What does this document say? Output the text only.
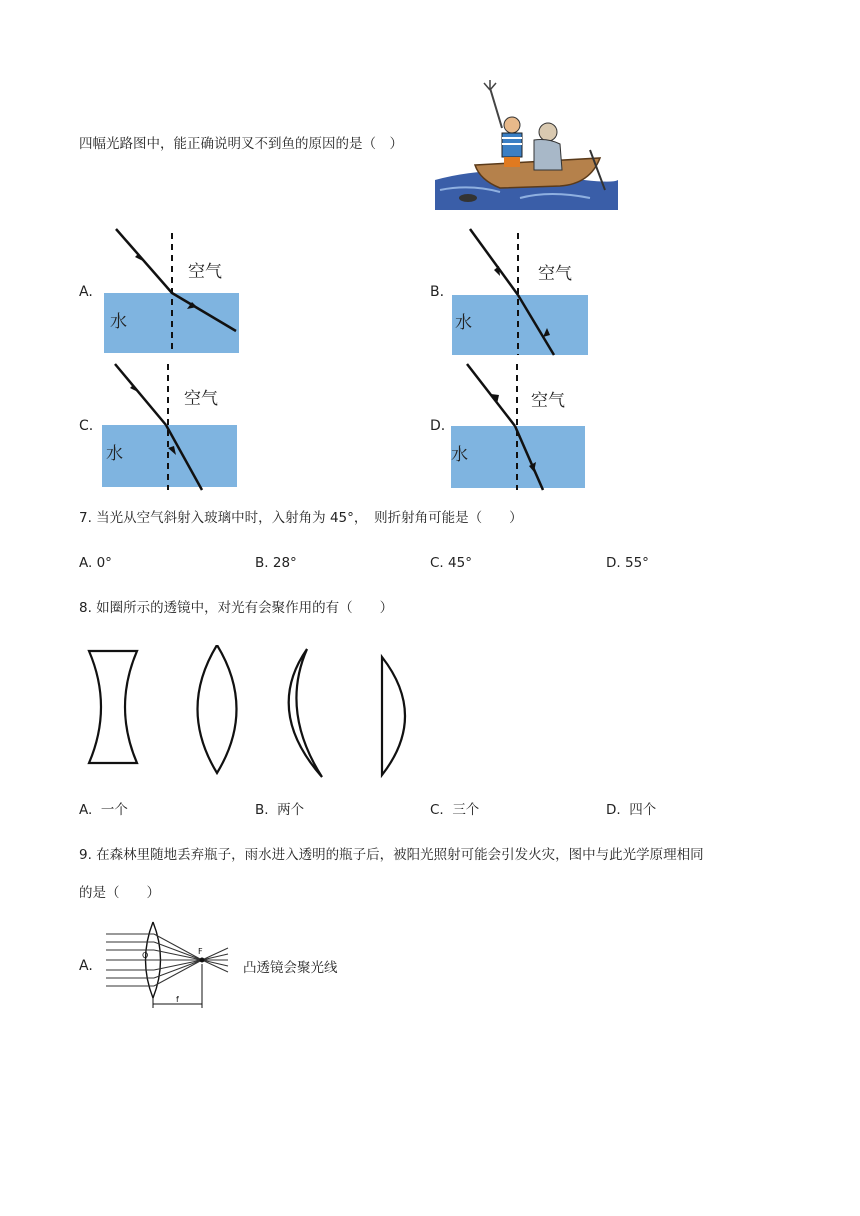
四幅光路图中，能正确说明叉不到鱼的原因的是（　）
A.
空气
水
B.
空气
水
C.
空气
水
D.
空气
水
7. 当光从空气斜射入玻璃中时，入射角为 45°，　则折射角可能是（　　）
A. 0°	B. 28°	C. 45°	D. 55°
8. 如圈所示的透镜中，对光有会聚作用的有（　　）
A. 一个	B. 两个	C. 三个	D. 四个
9. 在森林里随地丢弃瓶子，雨水进入透明的瓶子后，被阳光照射可能会引发火灾，图中与此光学原理相同
的是（　　）
A.
F
O
f
凸透镜会聚光线
